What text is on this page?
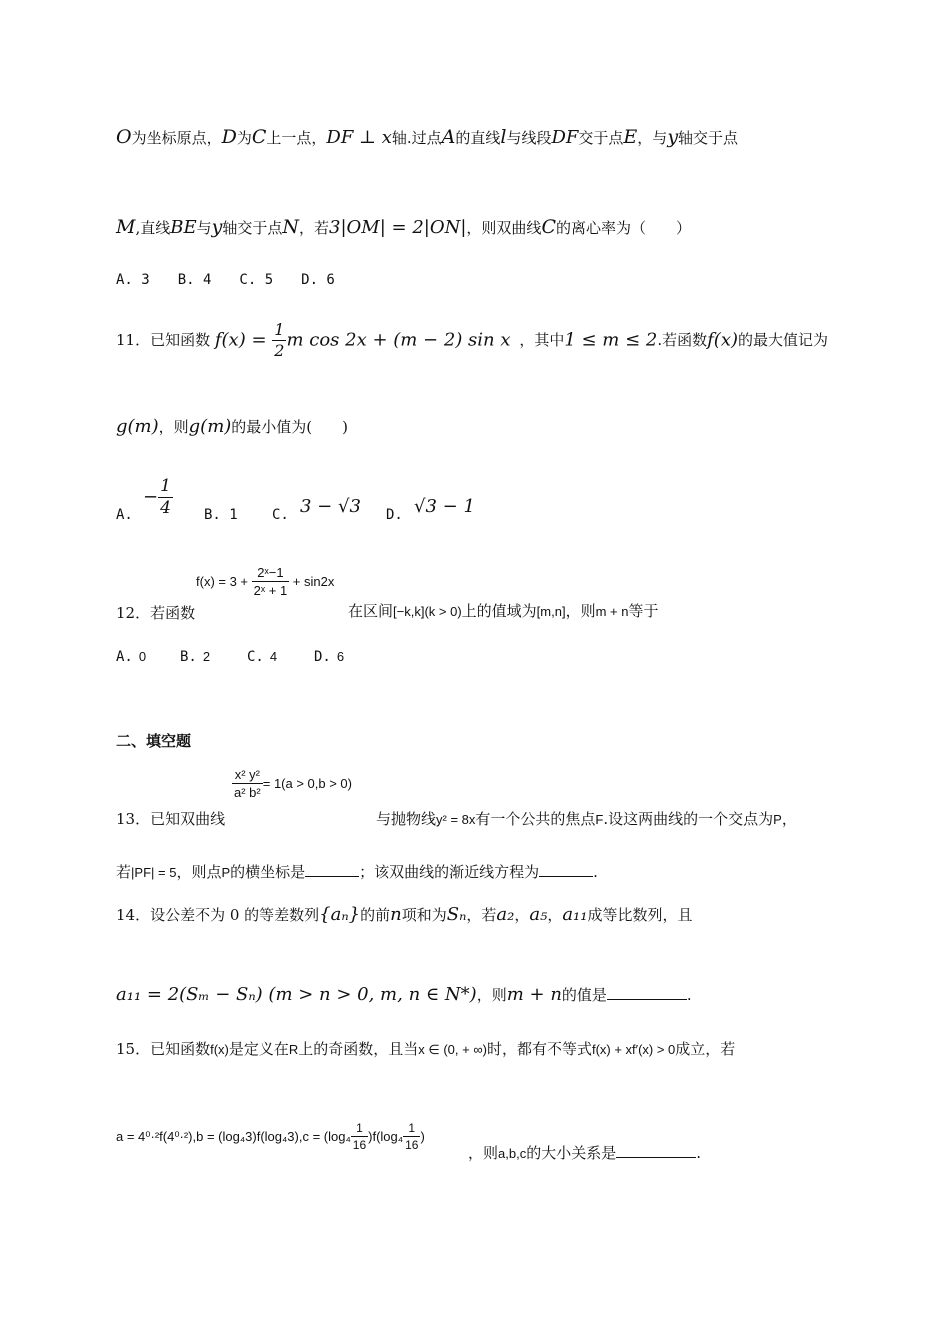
O为坐标原点，D为C上一点，DF ⊥ x轴.过点A的直线l与线段DF交于点E，与y轴交于点
M,直线BE与y轴交于点N，若3|OM| = 2|ON|，则双曲线C的离心率为（　　）
A. 3　　B. 4　　C. 5　　D. 6
11．已知函数 $f(x) = \frac{1}{2}$ m cos 2x + (m − 2) sin x ，其中1 ≤ m ≤ 2.若函数f(x)的最大值记为
g(m)，则g(m)的最小值为(　　)
A.
− $\frac{1}{4} B$. 1 C. 3 − √3 D. √3 − 1
$f(x) = 3 + \frac{\text{2ˣ−1}}{\text{2ˣ + 1}} + \sin 2x$
12．若函数	在区间[−k,k](k > 0)上的值域为[m,n]，则m + n等于
A. 0 B. 2	C. 4	D. 6
二、填空题
$\frac{\text{x² y²}}{\text{a² b²}} = 1(a > 0,b > 0)$
13．已知双曲线	与抛物线y² = 8x有一个公共的焦点F.设这两曲线的一个交点为P，
若|PF| = 5，则点P的横坐标是	；该双曲线的渐近线方程为	.
14．设公差不为 0 的等差数列{aₙ}的前n项和为Sₙ，若a₂，a₅，a₁₁成等比数列，且
a₁₁ = 2(Sₘ − Sₙ) (m > n > 0, m, n ∈ N*)，则m + n的值是	.
15．已知函数f(x)是定义在R上的奇函数，且当x ∈ (0, + ∞)时，都有不等式f(x) + xf′(x) > 0成立，若
$a = 4^0\cdot^2f(4^0\cdot^2),b = (\log_43)f(\log_43),c = (\log_4 \frac{1}{16} )f(\log_4 \frac{1}{16}$ )
，则a,b,c的大小关系是	.
